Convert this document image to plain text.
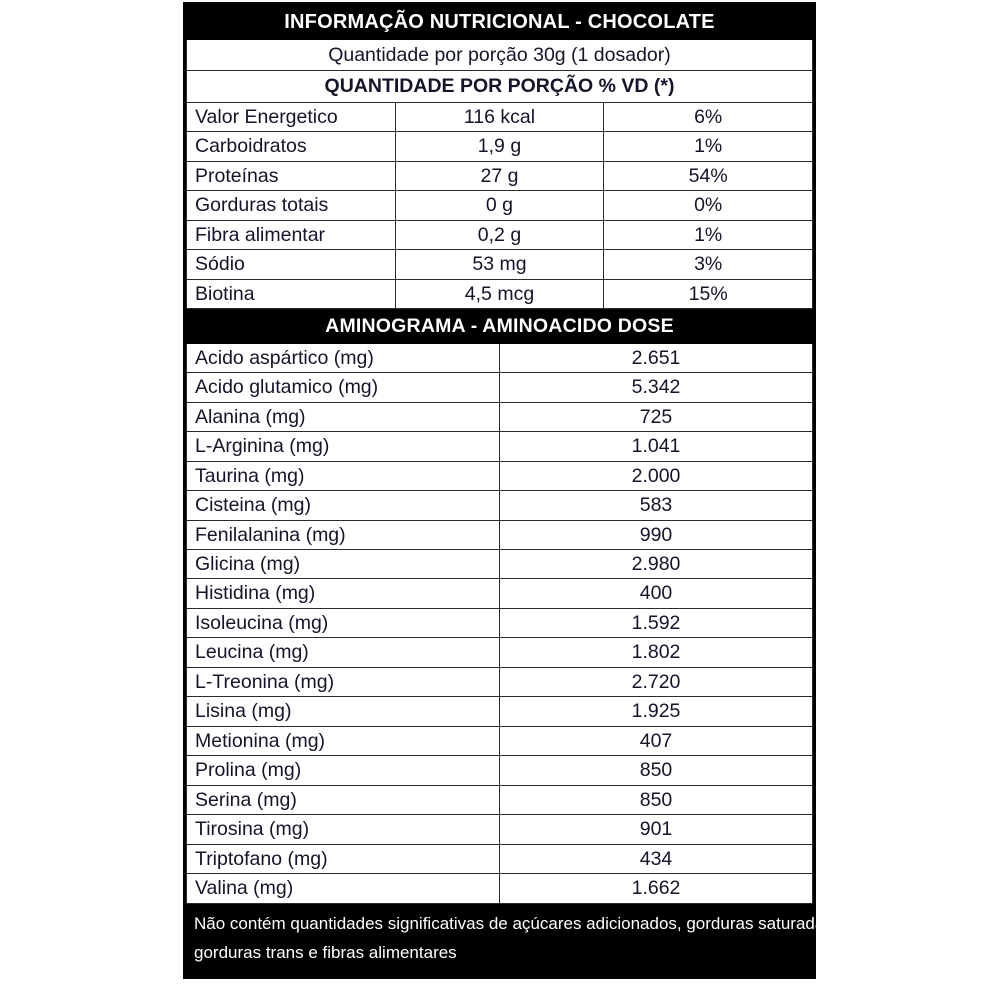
INFORMAÇÃO NUTRICIONAL - CHOCOLATE		
Quantidade por porção 30g (1 dosador)		
QUANTIDADE POR PORÇÃO % VD (*)		
Valor Energetico	116 kcal	6%
Carboidratos	1,9 g	1%
Proteínas	27 g	54%
Gorduras totais	0 g	0%
Fibra alimentar	0,2 g	1%
Sódio	53 mg	3%
Biotina	4,5 mcg	15%
AMINOGRAMA - AMINOACIDO DOSE	
Acido aspártico (mg)	2.651
Acido glutamico (mg)	5.342
Alanina (mg)	725
L-Arginina (mg)	1.041
Taurina (mg)	2.000
Cisteina (mg)	583
Fenilalanina (mg)	990
Glicina (mg)	2.980
Histidina (mg)	400
Isoleucina (mg)	1.592
Leucina (mg)	1.802
L-Treonina (mg)	2.720
Lisina (mg)	1.925
Metionina (mg)	407
Prolina (mg)	850
Serina (mg)	850
Tirosina (mg)	901
Triptofano (mg)	434
Valina (mg)	1.662
Não contém quantidades significativas de açúcares adicionados, gorduras saturadas
gorduras trans e fibras alimentares
